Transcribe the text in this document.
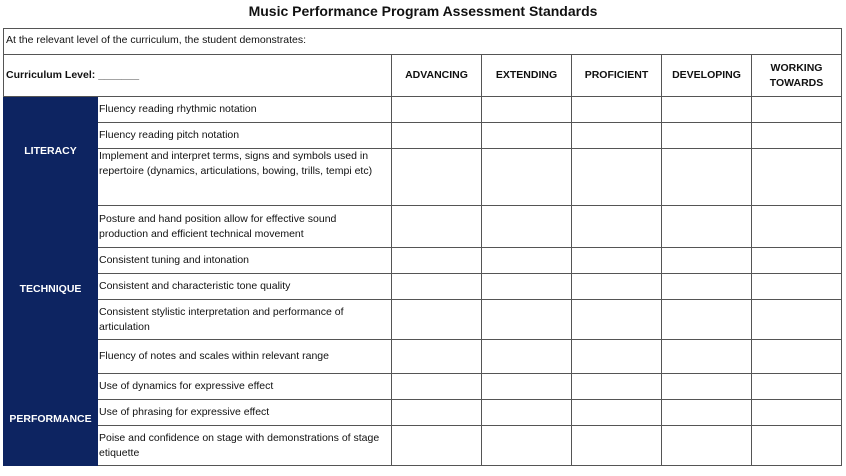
Music Performance Program Assessment Standards
At the relevant level of the curriculum, the student demonstrates:						

Curriculum Level: _______		ADVANCING	EXTENDING	PROFICIENT	DEVELOPING	WORKING TOWARDS
LITERACY	Fluency reading rhythmic notation					
	Fluency reading pitch notation					

	Implement and interpret terms, signs and symbols used in repertoire (dynamics, articulations, bowing, trills, tempi etc)					

TECHNIQUE	Posture and hand position allow for effective sound production and efficient technical movement					
	Consistent tuning and intonation					
	Consistent and characteristic tone quality					
	Consistent stylistic interpretation and performance of articulation					
	Fluency of notes and scales within relevant range					
PERFORMANCE	Use of dynamics for expressive effect					
	Use of phrasing for expressive effect					
	Poise and confidence on stage with demonstrations of stage etiquette					
